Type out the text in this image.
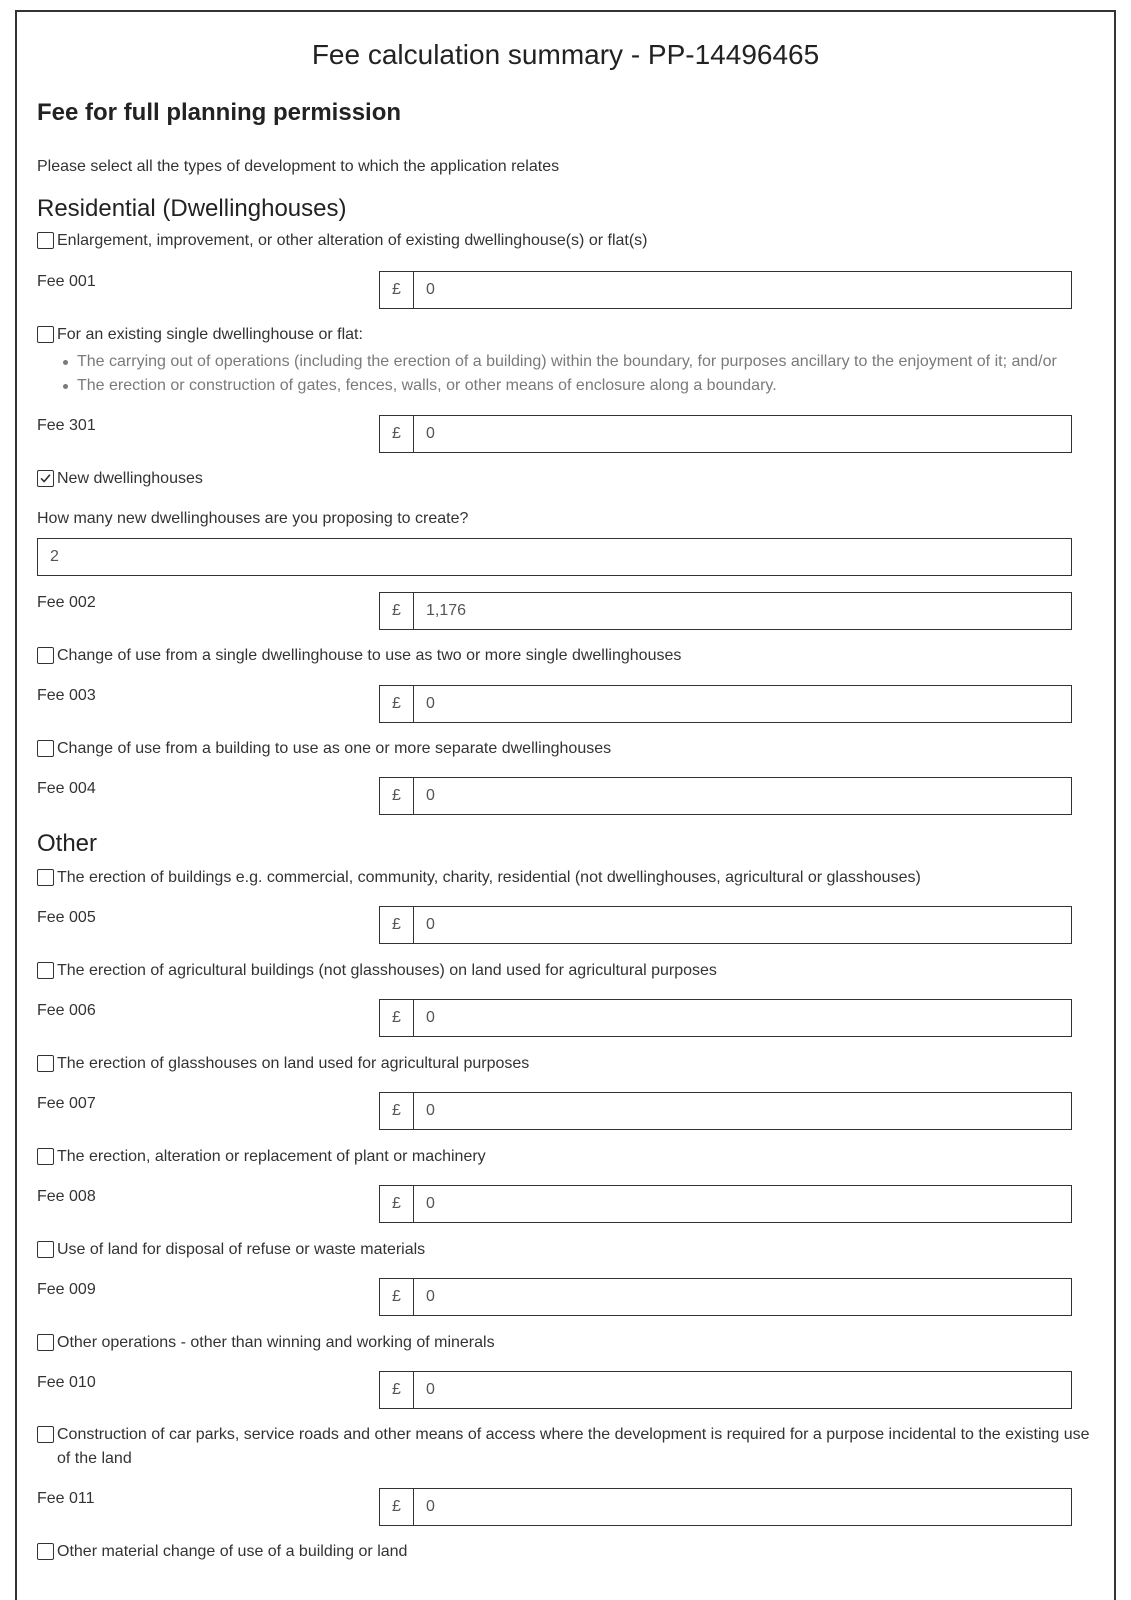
Fee calculation summary - PP-14496465
Fee for full planning permission
Please select all the types of development to which the application relates
Residential (Dwellinghouses)
Enlargement, improvement, or other alteration of existing dwellinghouse(s) or flat(s)
Fee 001	£	0
For an existing single dwellinghouse or flat:
The carrying out of operations (including the erection of a building) within the boundary, for purposes ancillary to the enjoyment of it; and/or
The erection or construction of gates, fences, walls, or other means of enclosure along a boundary.
Fee 301	£	0
New dwellinghouses
How many new dwellinghouses are you proposing to create?
2
Fee 002	£	1,176
Change of use from a single dwellinghouse to use as two or more single dwellinghouses
Fee 003	£	0
Change of use from a building to use as one or more separate dwellinghouses
Fee 004	£	0
Other
The erection of buildings e.g. commercial, community, charity, residential (not dwellinghouses, agricultural or glasshouses)
Fee 005	£	0
The erection of agricultural buildings (not glasshouses) on land used for agricultural purposes
Fee 006	£	0
The erection of glasshouses on land used for agricultural purposes
Fee 007	£	0
The erection, alteration or replacement of plant or machinery
Fee 008	£	0
Use of land for disposal of refuse or waste materials
Fee 009	£	0
Other operations - other than winning and working of minerals
Fee 010	£	0
Construction of car parks, service roads and other means of access where the development is required for a purpose incidental to the existing use of the land
Fee 011	£	0
Other material change of use of a building or land
